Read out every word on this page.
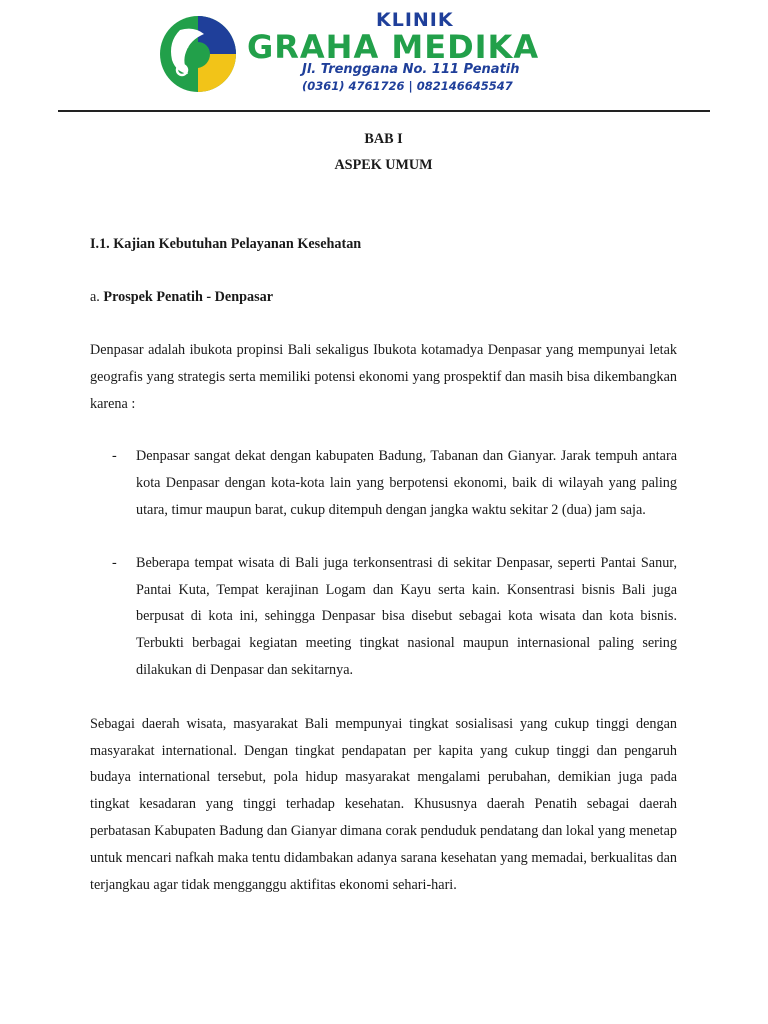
KLINIK
GRAHA MEDIKA
Jl. Trenggana No. 111 Penatih
(0361) 4761726 | 082146645547
BAB I
ASPEK UMUM
I.1. Kajian Kebutuhan Pelayanan Kesehatan
a. Prospek Penatih - Denpasar

Denpasar adalah ibukota propinsi Bali sekaligus Ibukota kotamadya Denpasar yang mempunyai letak geografis yang strategis serta memiliki potensi ekonomi yang prospektif dan masih bisa dikembangkan karena :

- Denpasar sangat dekat dengan kabupaten Badung, Tabanan dan Gianyar. Jarak tempuh antara kota Denpasar dengan kota-kota lain yang berpotensi ekonomi, baik di wilayah yang paling utara, timur maupun barat, cukup ditempuh dengan jangka waktu sekitar 2 (dua) jam saja.
- Beberapa tempat wisata di Bali juga terkonsentrasi di sekitar Denpasar, seperti Pantai Sanur, Pantai Kuta, Tempat kerajinan Logam dan Kayu serta kain. Konsentrasi bisnis Bali juga berpusat di kota ini, sehingga Denpasar bisa disebut sebagai kota wisata dan kota bisnis. Terbukti berbagai kegiatan meeting tingkat nasional maupun internasional paling sering dilakukan di Denpasar dan sekitarnya.

Sebagai daerah wisata, masyarakat Bali mempunyai tingkat sosialisasi yang cukup tinggi dengan masyarakat international. Dengan tingkat pendapatan per kapita yang cukup tinggi dan pengaruh budaya international tersebut, pola hidup masyarakat mengalami perubahan, demikian juga pada tingkat kesadaran yang tinggi terhadap kesehatan. Khususnya daerah Penatih sebagai daerah perbatasan Kabupaten Badung dan Gianyar dimana corak penduduk pendatang dan lokal yang menetap untuk mencari nafkah maka tentu didambakan adanya sarana kesehatan yang memadai, berkualitas dan terjangkau agar tidak mengganggu aktifitas ekonomi sehari-hari.
